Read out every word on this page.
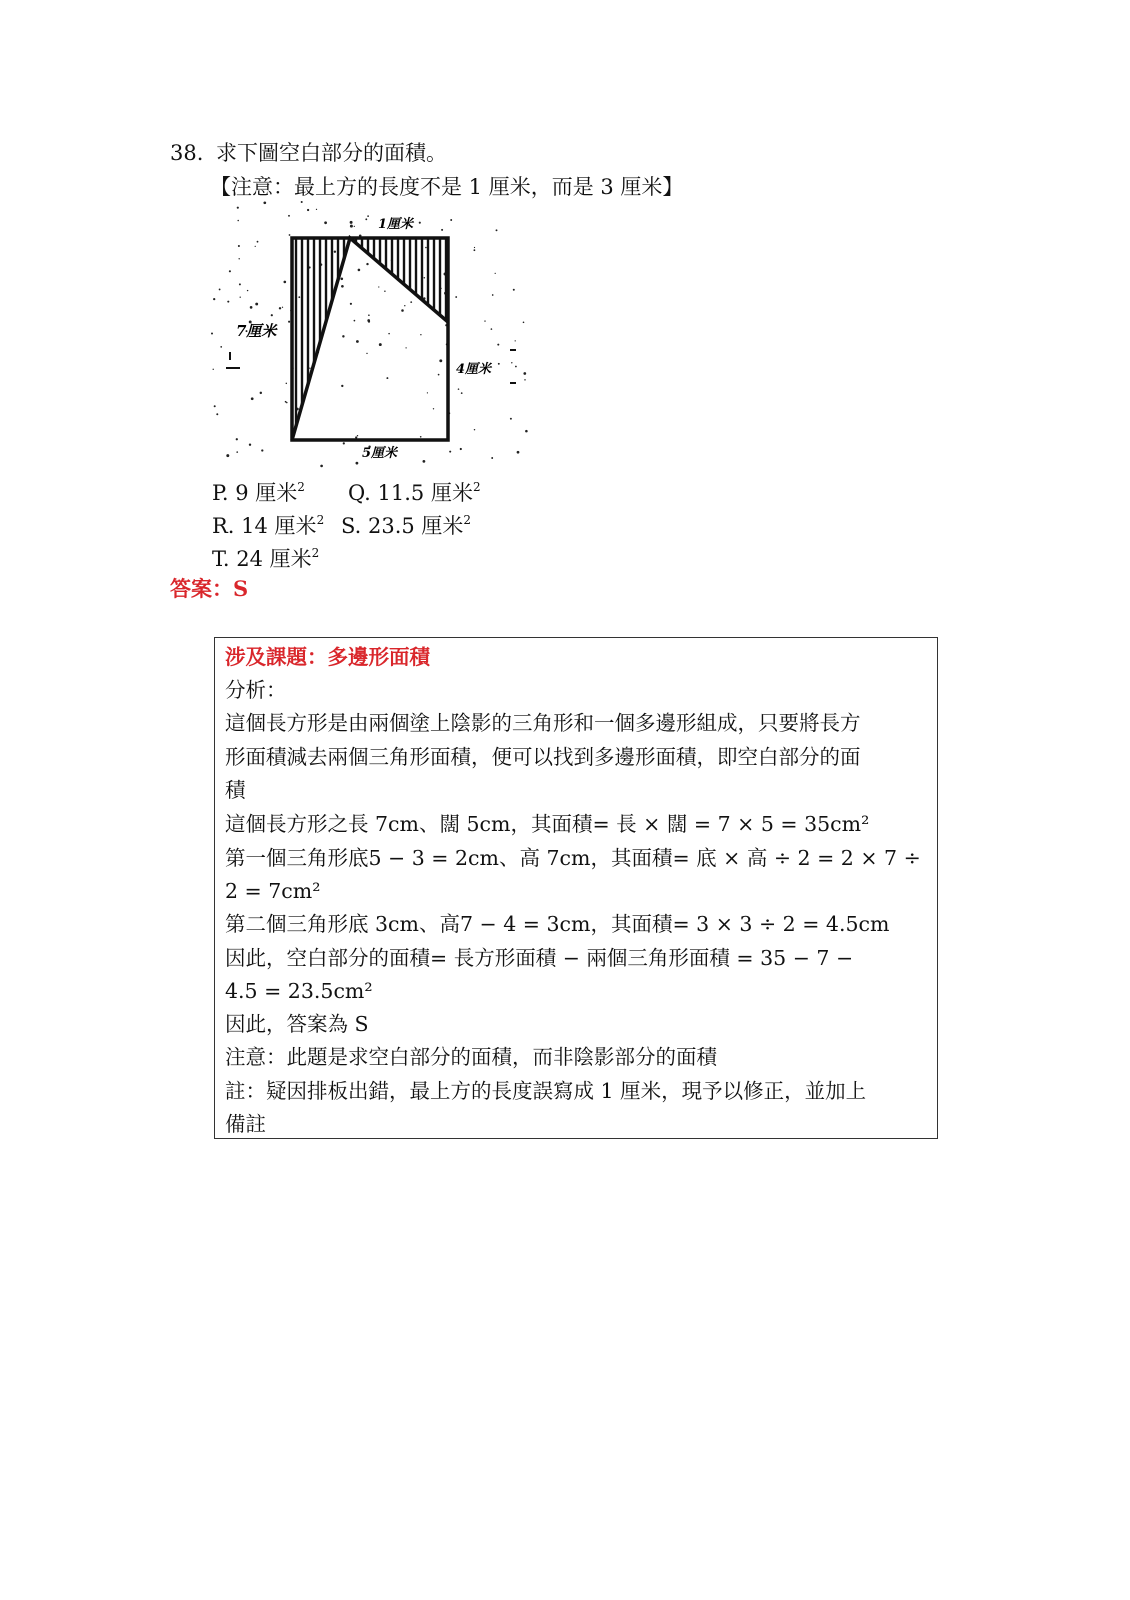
38. 求下圖空白部分的面積。
【注意：最上方的長度不是 1 厘米，而是 3 厘米】
1厘米
7厘米
4厘米
5厘米
P. 9 厘米$^2$ Q. 11.5 厘米$^2$
R. 14 厘米$^2$ S. 23.5 厘米$^2$
T. 24 厘米$^2$
答案：S
涉及課題：多邊形面積
分析：
這個長方形是由兩個塗上陰影的三角形和一個多邊形組成，只要將長方
形面積減去兩個三角形面積，便可以找到多邊形面積，即空白部分的面
積
這個長方形之長 7cm、闊 5cm，其面積= 長 × 闊 = 7 × 5 = 35cm²
第一個三角形底5 − 3 = 2cm、高 7cm，其面積= 底 × 高 ÷ 2 = 2 × 7 ÷
2 = 7cm²
第二個三角形底 3cm、高7 − 4 = 3cm，其面積= 3 × 3 ÷ 2 = 4.5cm
因此，空白部分的面積= 長方形面積 − 兩個三角形面積 = 35 − 7 −
4.5 = 23.5cm²
因此，答案為 S
注意：此題是求空白部分的面積，而非陰影部分的面積
註：疑因排板出錯，最上方的長度誤寫成 1 厘米，現予以修正，並加上
備註
